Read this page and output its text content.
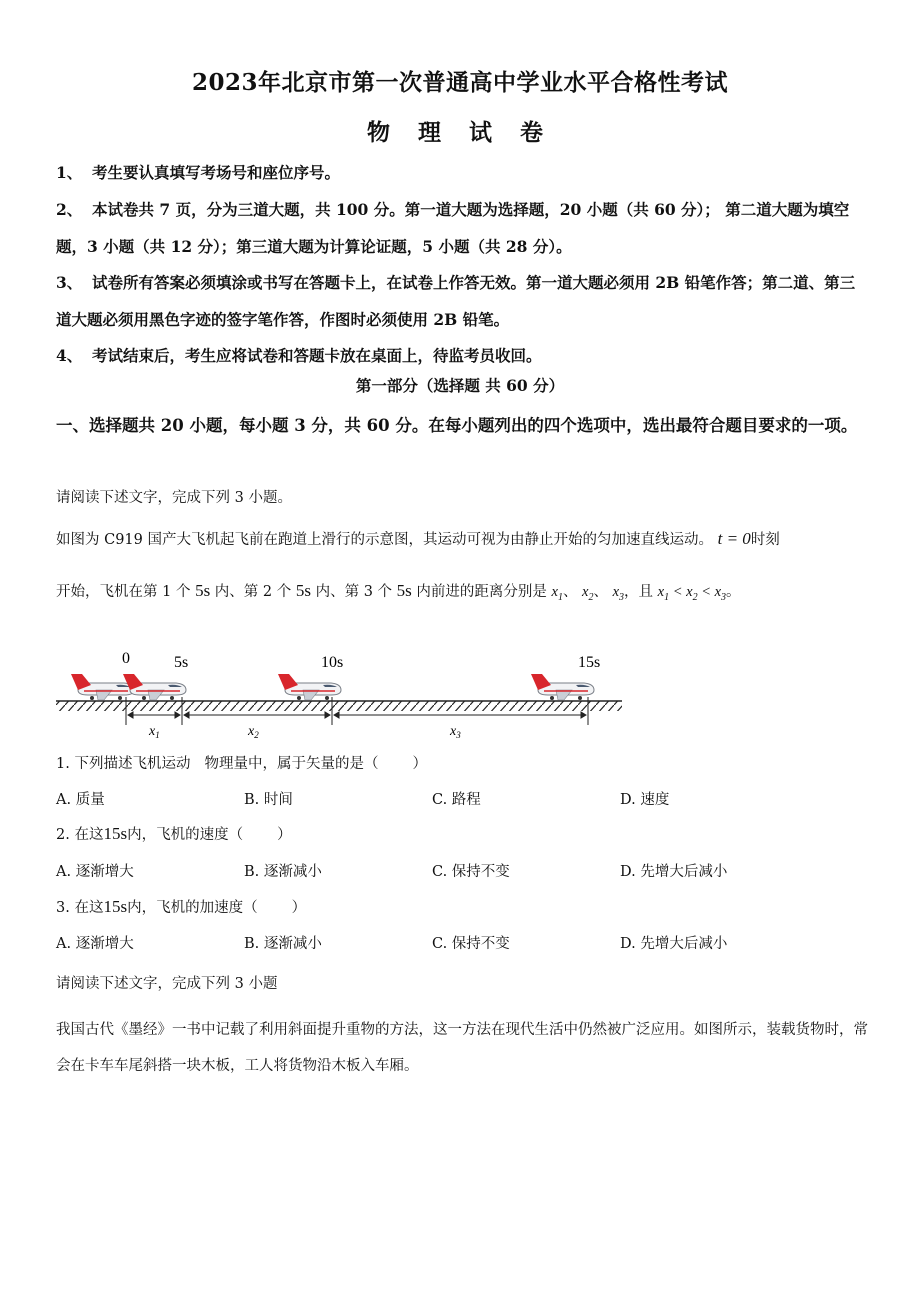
2023年北京市第一次普通高中学业水平合格性考试
物 理 试 卷
1、 考生要认真填写考场号和座位序号。
2、 本试卷共 7 页，分为三道大题，共 100 分。第一道大题为选择题，20 小题（共 60 分）； 第二道大题为填空题，3 小题（共 12 分）；第三道大题为计算论证题，5 小题（共 28 分）。
3、 试卷所有答案必须填涂或书写在答题卡上，在试卷上作答无效。第一道大题必须用 2B 铅笔作答；第二道、第三道大题必须用黑色字迹的签字笔作答，作图时必须使用 2B 铅笔。
4、 考试结束后，考生应将试卷和答题卡放在桌面上，待监考员收回。
第一部分（选择题 共 60 分）
一、选择题共 20 小题，每小题 3 分，共 60 分。在每小题列出的四个选项中，选出最符合题目要求的一项。
请阅读下述文字，完成下列 3 小题。
如图为 C919 国产大飞机起飞前在跑道上滑行的示意图，其运动可视为由静止开始的匀加速直线运动。 t = 0时刻
开始，飞机在第 1 个 5s 内、第 2 个 5s 内、第 3 个 5s 内前进的距离分别是 $x_1$、 $x_2$、 $x_3$，且 $x_1 < x_2 < x_3$。
0	5s	10s	15s
$x_1$	$x_2$	$x_3$
1. 下列描述飞机运动 物理量中，属于矢量的是（ ）
A. 质量	B. 时间	C. 路程	D. 速度
2. 在这15s内，飞机的速度（ ）
A. 逐渐增大	B. 逐渐减小	C. 保持不变	D. 先增大后减小
3. 在这15s内，飞机的加速度（ ）
A. 逐渐增大	B. 逐渐减小	C. 保持不变	D. 先增大后减小
请阅读下述文字，完成下列 3 小题
我国古代《墨经》一书中记载了利用斜面提升重物的方法，这一方法在现代生活中仍然被广泛应用。如图所示，装载货物时，常会在卡车车尾斜搭一块木板，工人将货物沿木板入车厢。
